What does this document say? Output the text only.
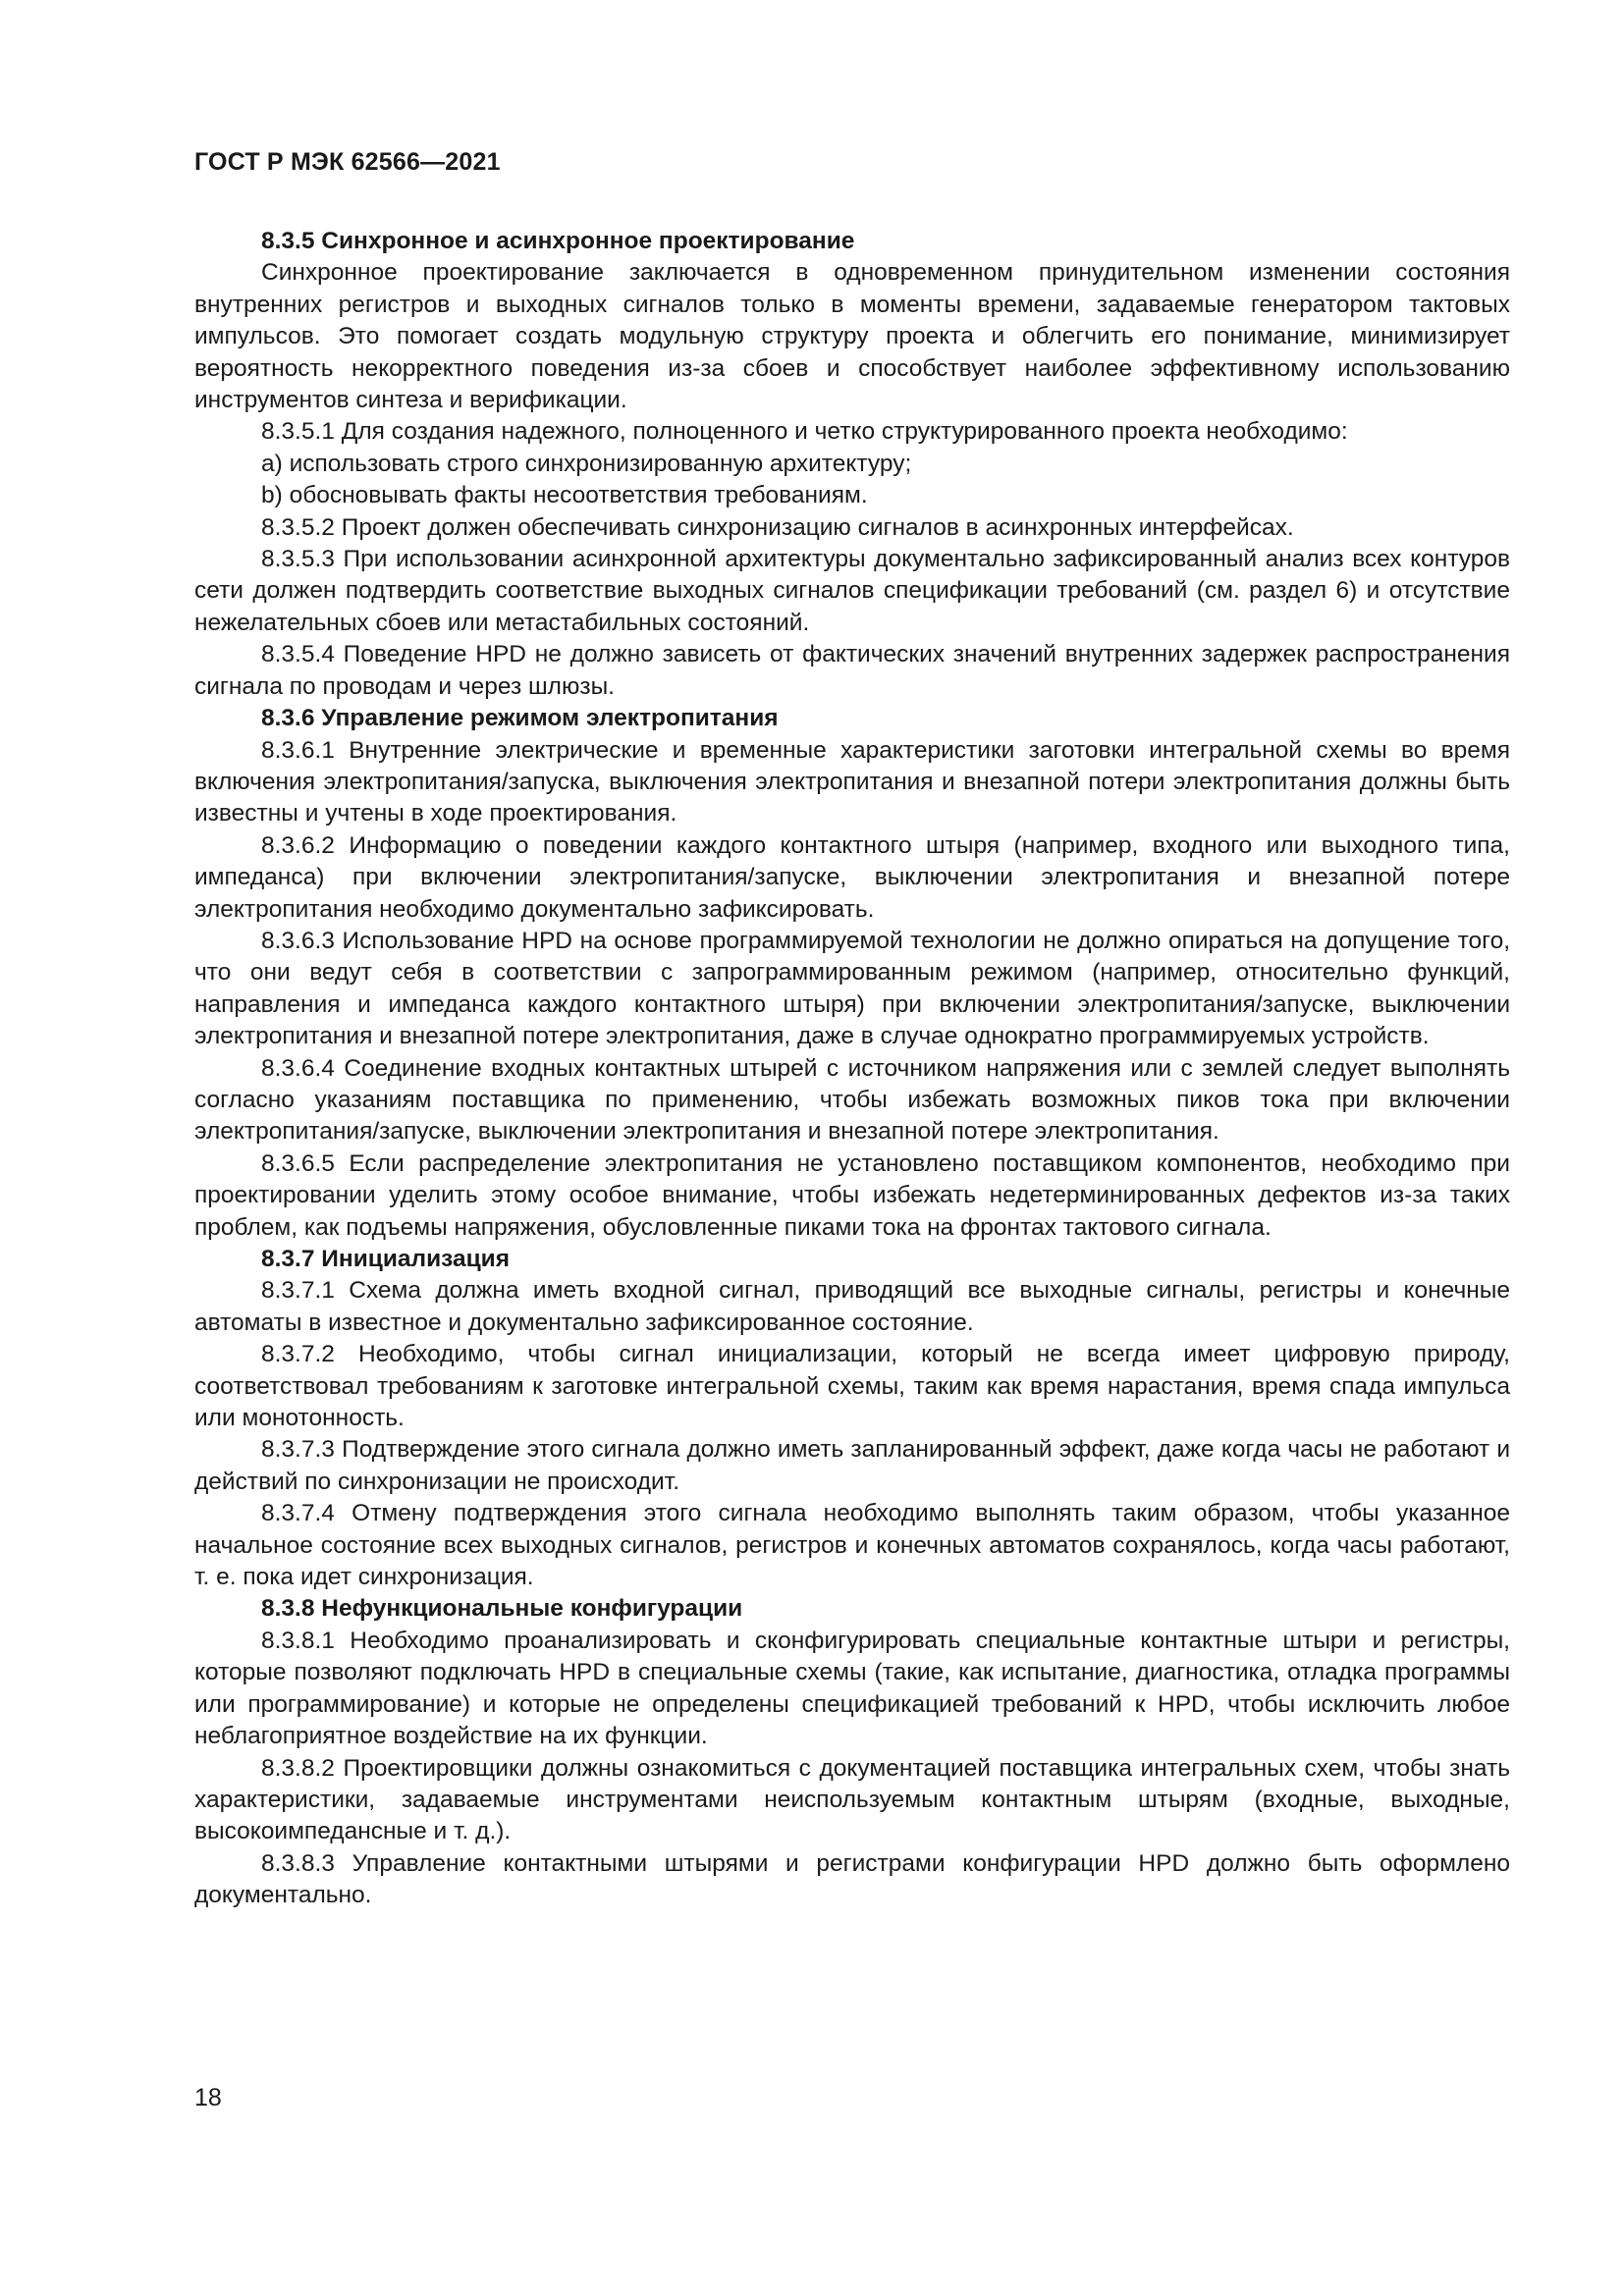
ГОСТ Р МЭК 62566—2021

8.3.5 Синхронное и асинхронное проектирование

Синхронное проектирование заключается в одновременном принудительном изменении состояния внутренних регистров и выходных сигналов только в моменты времени, задаваемые генератором тактовых импульсов. Это помогает создать модульную структуру проекта и облегчить его понимание, минимизирует вероятность некорректного поведения из-за сбоев и способствует наиболее эффективному использованию инструментов синтеза и верификации.

8.3.5.1 Для создания надежного, полноценного и четко структурированного проекта необходимо:

a) использовать строго синхронизированную архитектуру;

b) обосновывать факты несоответствия требованиям.

8.3.5.2 Проект должен обеспечивать синхронизацию сигналов в асинхронных интерфейсах.

8.3.5.3 При использовании асинхронной архитектуры документально зафиксированный анализ всех контуров сети должен подтвердить соответствие выходных сигналов спецификации требований (см. раздел 6) и отсутствие нежелательных сбоев или метастабильных состояний.

8.3.5.4 Поведение HPD не должно зависеть от фактических значений внутренних задержек распространения сигнала по проводам и через шлюзы.

8.3.6 Управление режимом электропитания

8.3.6.1 Внутренние электрические и временные характеристики заготовки интегральной схемы во время включения электропитания/запуска, выключения электропитания и внезапной потери электропитания должны быть известны и учтены в ходе проектирования.

8.3.6.2 Информацию о поведении каждого контактного штыря (например, входного или выходного типа, импеданса) при включении электропитания/запуске, выключении электропитания и внезапной потере электропитания необходимо документально зафиксировать.

8.3.6.3 Использование HPD на основе программируемой технологии не должно опираться на допущение того, что они ведут себя в соответствии с запрограммированным режимом (например, относительно функций, направления и импеданса каждого контактного штыря) при включении электропитания/запуске, выключении электропитания и внезапной потере электропитания, даже в случае однократно программируемых устройств.

8.3.6.4 Соединение входных контактных штырей с источником напряжения или с землей следует выполнять согласно указаниям поставщика по применению, чтобы избежать возможных пиков тока при включении электропитания/запуске, выключении электропитания и внезапной потере электропитания.

8.3.6.5 Если распределение электропитания не установлено поставщиком компонентов, необходимо при проектировании уделить этому особое внимание, чтобы избежать недетерминированных дефектов из-за таких проблем, как подъемы напряжения, обусловленные пиками тока на фронтах тактового сигнала.

8.3.7 Инициализация

8.3.7.1 Схема должна иметь входной сигнал, приводящий все выходные сигналы, регистры и конечные автоматы в известное и документально зафиксированное состояние.

8.3.7.2 Необходимо, чтобы сигнал инициализации, который не всегда имеет цифровую природу, соответствовал требованиям к заготовке интегральной схемы, таким как время нарастания, время спада импульса или монотонность.

8.3.7.3 Подтверждение этого сигнала должно иметь запланированный эффект, даже когда часы не работают и действий по синхронизации не происходит.

8.3.7.4 Отмену подтверждения этого сигнала необходимо выполнять таким образом, чтобы указанное начальное состояние всех выходных сигналов, регистров и конечных автоматов сохранялось, когда часы работают, т. е. пока идет синхронизация.

8.3.8 Нефункциональные конфигурации

8.3.8.1 Необходимо проанализировать и сконфигурировать специальные контактные штыри и регистры, которые позволяют подключать HPD в специальные схемы (такие, как испытание, диагностика, отладка программы или программирование) и которые не определены спецификацией требований к HPD, чтобы исключить любое неблагоприятное воздействие на их функции.

8.3.8.2 Проектировщики должны ознакомиться с документацией поставщика интегральных схем, чтобы знать характеристики, задаваемые инструментами неиспользуемым контактным штырям (входные, выходные, высокоимпедансные и т. д.).

8.3.8.3 Управление контактными штырями и регистрами конфигурации HPD должно быть оформлено документально.

18
